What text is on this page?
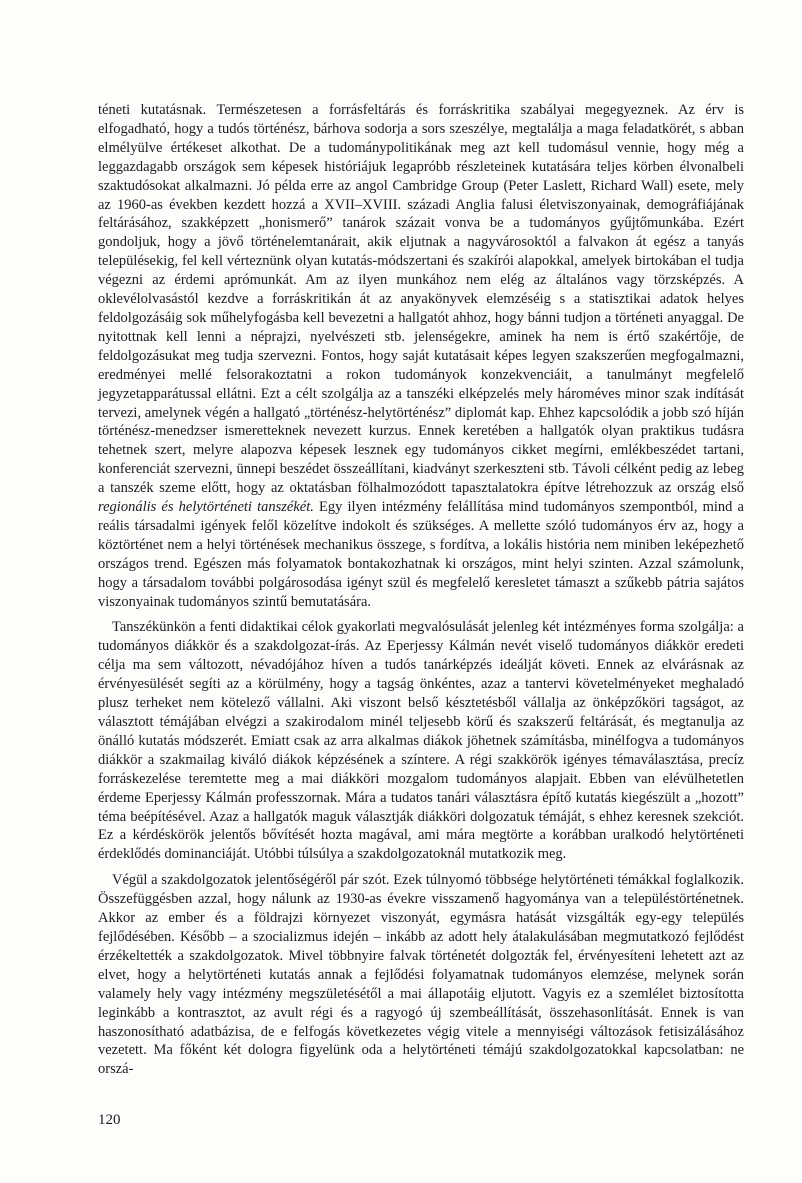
téneti kutatásnak. Természetesen a forrásfeltárás és forráskritika szabályai megegyeznek. Az érv is elfogadható, hogy a tudós történész, bárhova sodorja a sors szeszélye, megtalálja a maga feladatkörét, s abban elmélyülve értékeset alkothat. De a tudománypolitikának meg azt kell tudomásul vennie, hogy még a leggazdagabb országok sem képesek históriájuk legapróbb részleteinek kutatására teljes körben élvonalbeli szaktudósokat alkalmazni. Jó példa erre az angol Cambridge Group (Peter Laslett, Richard Wall) esete, mely az 1960-as években kezdett hozzá a XVII–XVIII. századi Anglia falusi életviszonyainak, demográfiájának feltárásához, szakképzett „honismerő” tanárok százait vonva be a tudományos gyűjtőmunkába. Ezért gondoljuk, hogy a jövő történelemtanárait, akik eljutnak a nagyvárosoktól a falvakon át egész a tanyás településekig, fel kell vérteznünk olyan kutatás-módszertani és szakírói alapokkal, amelyek birtokában el tudja végezni az érdemi aprómunkát. Am az ilyen munkához nem elég az általános vagy törzsképzés. A oklevélolvasástól kezdve a forráskritikán át az anyakönyvek elemzéséig s a statisztikai adatok helyes feldolgozásáig sok műhelyfogásba kell bevezetni a hallgatót ahhoz, hogy bánni tudjon a történeti anyaggal. De nyitottnak kell lenni a néprajzi, nyelvészeti stb. jelenségekre, aminek ha nem is értő szakértője, de feldolgozásukat meg tudja szervezni. Fontos, hogy saját kutatásait képes legyen szakszerűen megfogalmazni, eredményei mellé felsorakoztatni a rokon tudományok konzekvenciáit, a tanulmányt megfelelő jegyzetapparátussal ellátni. Ezt a célt szolgálja az a tanszéki elképzelés mely hároméves minor szak indítását tervezi, amelynek végén a hallgató „történész-helytörténész” diplomát kap. Ehhez kapcsolódik a jobb szó híján történész-menedzser ismeretteknek nevezett kurzus. Ennek keretében a hallgatók olyan praktikus tudásra tehetnek szert, melyre alapozva képesek lesznek egy tudományos cikket megírni, emlékbeszédet tartani, konferenciát szervezni, ünnepi beszédet összeállítani, kiadványt szerkeszteni stb. Távoli célként pedig az lebeg a tanszék szeme előtt, hogy az oktatásban fölhalmozódott tapasztalatokra építve létrehozzuk az ország első regionális és helytörténeti tanszékét. Egy ilyen intézmény felállítása mind tudományos szempontból, mind a reális társadalmi igények felől közelítve indokolt és szükséges. A mellette szóló tudományos érv az, hogy a köztörténet nem a helyi történések mechanikus összege, s fordítva, a lokális história nem miniben leképezhető országos trend. Egészen más folyamatok bontakozhatnak ki országos, mint helyi szinten. Azzal számolunk, hogy a társadalom további polgárosodása igényt szül és megfelelő keresletet támaszt a szűkebb pátria sajátos viszonyainak tudományos szintű bemutatására.

Tanszékünkön a fenti didaktikai célok gyakorlati megvalósulását jelenleg két intézményes forma szolgálja: a tudományos diákkör és a szakdolgozat-írás. Az Eperjessy Kálmán nevét viselő tudományos diákkör eredeti célja ma sem változott, névadójához híven a tudós tanárképzés ideálját követi. Ennek az elvárásnak az érvényesülését segíti az a körülmény, hogy a tagság önkéntes, azaz a tantervi követelményeket meghaladó plusz terheket nem kötelező vállalni. Aki viszont belső késztetésből vállalja az önképzőköri tagságot, az választott témájában elvégzi a szakirodalom minél teljesebb körű és szakszerű feltárását, és megtanulja az önálló kutatás módszerét. Emiatt csak az arra alkalmas diákok jöhetnek számításba, minélfogva a tudományos diákkör a szakmailag kiváló diákok képzésének a színtere. A régi szakkörök igényes témaválasztása, precíz forráskezelése teremtette meg a mai diákköri mozgalom tudományos alapjait. Ebben van elévülhetetlen érdeme Eperjessy Kálmán professzornak. Mára a tudatos tanári választásra építő kutatás kiegészült a „hozott” téma beépítésével. Azaz a hallgatók maguk választják diákköri dolgozatuk témáját, s ehhez keresnek szekciót. Ez a kérdéskörök jelentős bővítését hozta magával, ami mára megtörte a korábban uralkodó helytörténeti érdeklődés dominanciáját. Utóbbi túlsúlya a szakdolgozatoknál mutatkozik meg.

Végül a szakdolgozatok jelentőségéről pár szót. Ezek túlnyomó többsége helytörténeti témákkal foglalkozik. Összefüggésben azzal, hogy nálunk az 1930-as évekre visszamenő hagyománya van a településtörténetnek. Akkor az ember és a földrajzi környezet viszonyát, egymásra hatását vizsgálták egy-egy település fejlődésében. Később – a szocializmus idején – inkább az adott hely átalakulásában megmutatkozó fejlődést érzékeltették a szakdolgozatok. Mivel többnyire falvak történetét dolgozták fel, érvényesíteni lehetett azt az elvet, hogy a helytörténeti kutatás annak a fejlődési folyamatnak tudományos elemzése, melynek során valamely hely vagy intézmény megszületésétől a mai állapotáig eljutott. Vagyis ez a szemlélet biztosította leginkább a kontrasztot, az avult régi és a ragyogó új szembeállítását, összehasonlítását. Ennek is van haszonosítható adatbázisa, de e felfogás következetes végig vitele a mennyiségi változások fetisizálásához vezetett. Ma főként két dologra figyelünk oda a helytörténeti témájú szakdolgozatokkal kapcsolatban: ne orszá-

120
